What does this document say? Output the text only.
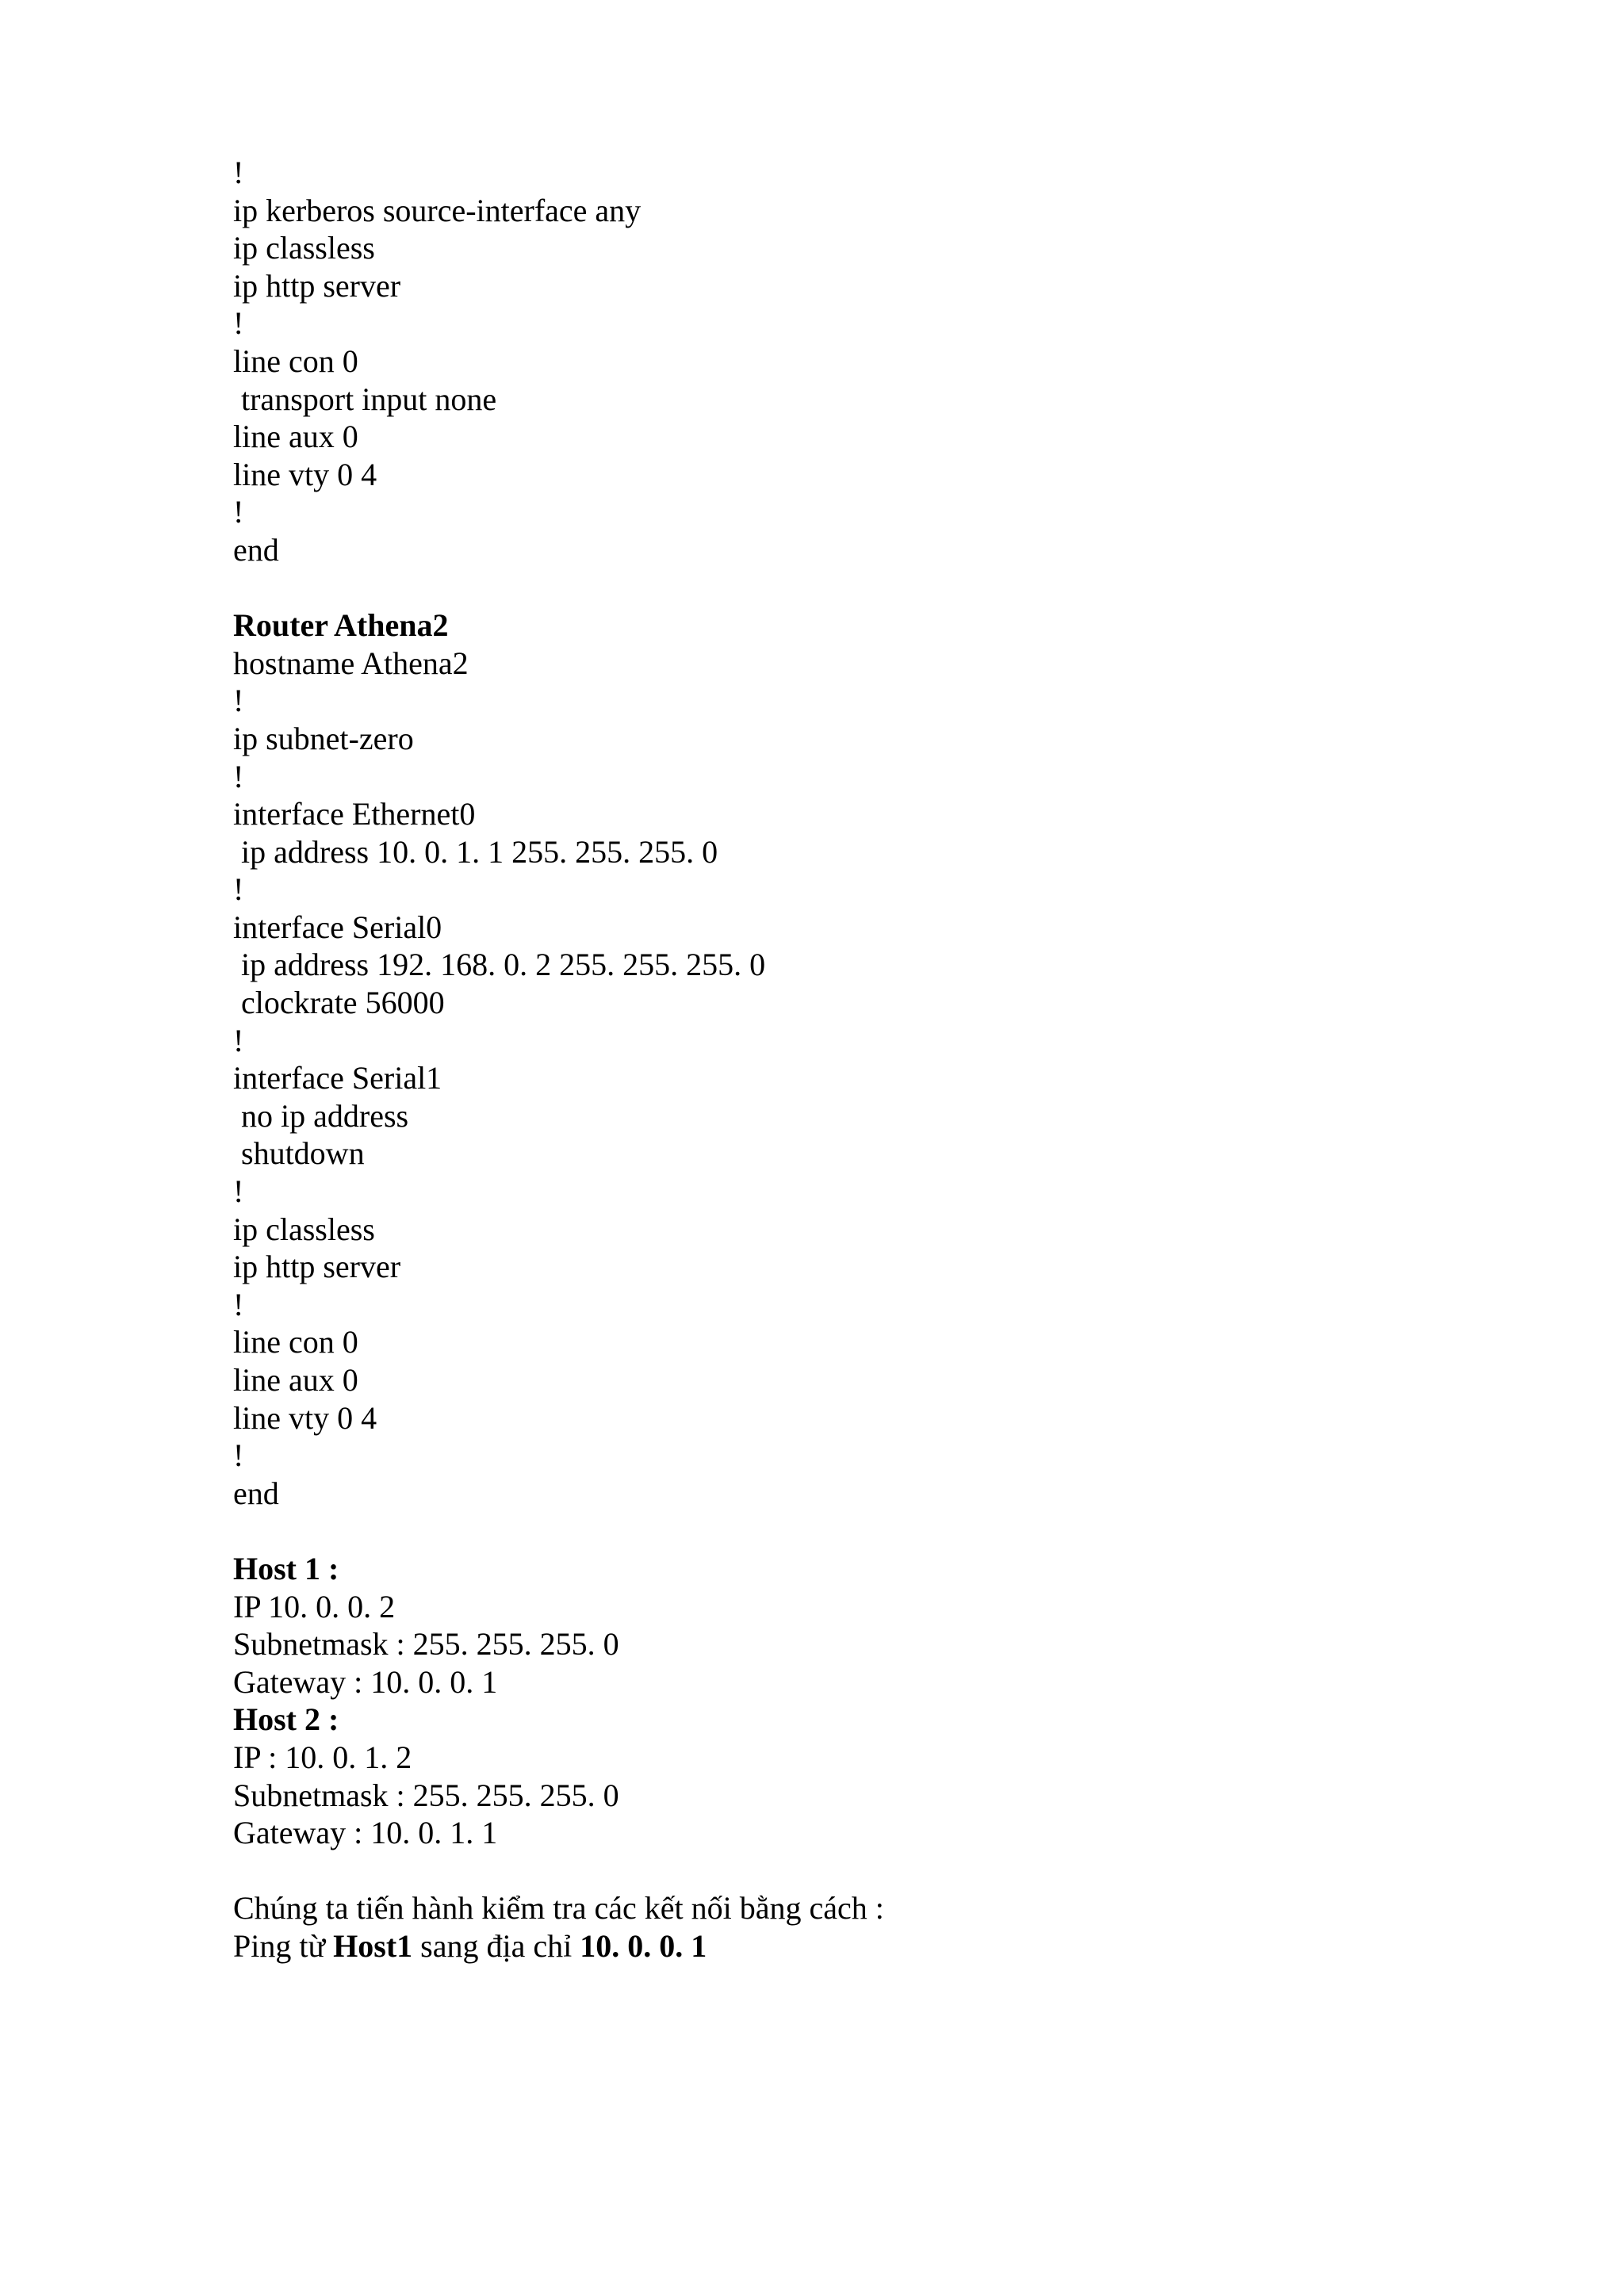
!
ip kerberos source-interface any
ip classless
ip http server
!
line con 0
transport input none
line aux 0
line vty 0 4
!
end
Router Athena2
hostname Athena2
!
ip subnet-zero
!
interface Ethernet0
ip address 10. 0. 1. 1 255. 255. 255. 0
!
interface Serial0
ip address 192. 168. 0. 2 255. 255. 255. 0
clockrate 56000
!
interface Serial1
no ip address
shutdown
!
ip classless
ip http server
!
line con 0
line aux 0
line vty 0 4
!
end
Host 1 :
IP 10. 0. 0. 2
Subnetmask : 255. 255. 255. 0
Gateway : 10. 0. 0. 1
Host 2 :
IP : 10. 0. 1. 2
Subnetmask : 255. 255. 255. 0
Gateway : 10. 0. 1. 1
Chúng ta tiến hành kiểm tra các kết nối bằng cách :
Ping từ Host1 sang địa chỉ 10. 0. 0. 1
